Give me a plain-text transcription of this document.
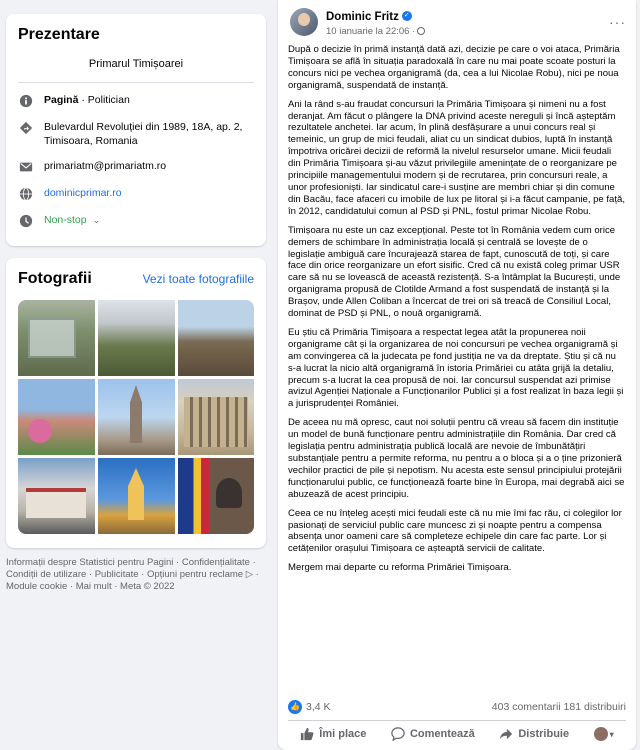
Prezentare
Primarul Timișoarei
Pagină · Politician
Bulevardul Revoluției din 1989, 18A, ap. 2, Timisoara, Romania
primariatm@primariatm.ro
dominicprimar.ro
Non-stop ⌄
Fotografii	Vezi toate fotografiile
Informații despre Statistici pentru Pagini · Confidențialitate · Condiții de utilizare · Publicitate · Opțiuni pentru reclame ▷ · Module cookie · Mai mult · Meta © 2022
Dominic Fritz ✓
10 ianuarie la 22:06 ·
···

După o decizie în primă instanță dată azi, decizie pe care o voi ataca, Primăria Timișoara se află în situația paradoxală în care nu mai poate scoate posturi la concurs nici pe vechea organigramă (da, cea a lui Nicolae Robu), nici pe noua organigramă, suspendată de instanță.

Ani la rând s-au fraudat concursuri la Primăria Timișoara și nimeni nu a fost deranjat. Am făcut o plângere la DNA privind aceste nereguli și încă așteptăm rezultatele anchetei. Iar acum, în plină desfășurare a unui concurs real și temeinic, un grup de mici feudali, aliat cu un sindicat dubios, luptă în instanță împotriva oricărei decizii de reformă la nivelul resurselor umane. Micii feudali din Primăria Timișoara și-au văzut privilegiile amenințate de o reorganizare pe principiile managementului modern și de recrutarea, prin concursuri reale, a unor profesioniști. Iar sindicatul care-i susține are membri chiar și din comune din Bacău, face afaceri cu imobile de lux pe litoral și i-a făcut campanie, pe față, în 2012, candidatului comun al PSD și PNL, fostul primar Nicolae Robu.

Timișoara nu este un caz excepțional. Peste tot în România vedem cum orice demers de schimbare în administrația locală și centrală se lovește de o legislație ambiguă care încurajează starea de fapt, cunoscută de toți, și care face din orice reorganizare un efort sisific. Cred că nu există coleg primar USR care să nu se lovească de această rezistență. S-a întâmplat la București, unde organigrama propusă de Clotilde Armand a fost suspendată de instanță și la Brașov, unde Allen Coliban a încercat de trei ori să treacă de Consiliul Local, dominat de PSD și PNL, o nouă organigramă.

Eu știu că Primăria Timișoara a respectat legea atât la propunerea noii organigrame cât și la organizarea de noi concursuri pe vechea organigramă și am convingerea că la judecata pe fond justiția ne va da dreptate. Știu și că nu s-a lucrat la nicio altă organigramă în istoria Primăriei cu atâta grijă la detaliu, precum s-a lucrat la cea propusă de noi. Iar concursul suspendat azi primise avizul Agenției Naționale a Funcționarilor Publici și a fost realizat în baza legii și a jurisprudenței României.

De aceea nu mă opresc, caut noi soluții pentru că vreau să facem din instituție un model de bună funcționare pentru administrațiile din România. Dar cred că legislația pentru administrația publică locală are nevoie de îmbunătățiri substanțiale pentru a permite reforma, nu pentru a o bloca și a o ține prizonieră vechilor practici de pile și nepotism. Nu acesta este sensul principiului protejării funcționarului public, ce funcționează foarte bine în Europa, mai degrabă aici se abuzează de acest principiu.

Ceea ce nu înțeleg acești mici feudali este că nu mie îmi fac rău, ci colegilor lor pasionați de serviciul public care muncesc zi și noapte pentru a compensa absența unor oameni care să completeze echipele din care fac parte. Lor și cetățenilor orașului Timișoara ce așteaptă servicii de calitate.

Mergem mai departe cu reforma Primăriei Timișoara.

👍 3,4 K	403 comentarii 181 distribuiri
Îmi place	Comentează	Distribuie	▾
